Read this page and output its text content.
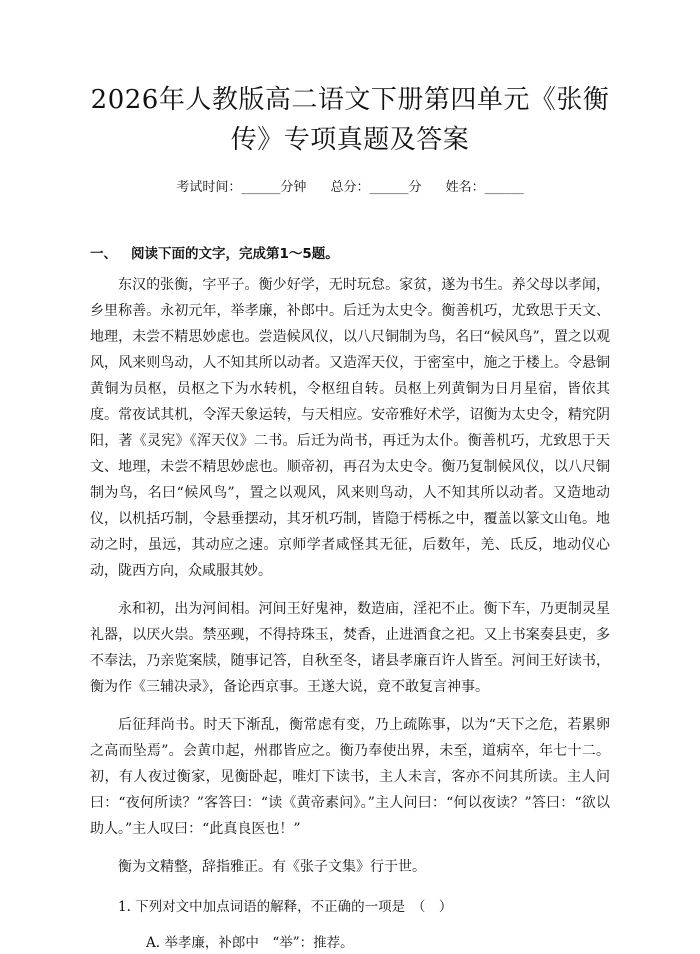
2026年人教版高二语文下册第四单元《张衡传》专项真题及答案
考试时间：______分钟 总分：______分 姓名：______
一、 阅读下面的文字，完成第1～5题。

东汉的张衡，字平子。衡少好学，无时玩怠。家贫，遂为书生。养父母以孝闻，乡里称善。永初元年，举孝廉，补郎中。后迁为太史令。衡善机巧，尤致思于天文、地理，未尝不精思妙虑也。尝造候风仪，以八尺铜制为鸟，名曰“候风鸟”，置之以观风，风来则鸟动，人不知其所以动者。又造浑天仪，于密室中，施之于楼上。令悬铜黄铜为员枢，员枢之下为水转机，令枢纽自转。员枢上列黄铜为日月星宿，皆依其度。常夜试其机，令浑天象运转，与天相应。安帝雅好术学，诏衡为太史令，精究阴阳，著《灵宪》《浑天仪》二书。后迁为尚书，再迁为太仆。衡善机巧，尤致思于天文、地理，未尝不精思妙虑也。顺帝初，再召为太史令。衡乃复制候风仪，以八尺铜制为鸟，名曰“候风鸟”，置之以观风，风来则鸟动，人不知其所以动者。又造地动仪，以机括巧制，令悬垂摆动，其牙机巧制，皆隐于樗栎之中，覆盖以篆文山龟。地动之时，虽远，其动应之速。京师学者咸怪其无征，后数年，羌、氐反，地动仪心动，陇西方向，众咸服其妙。

永和初，出为河间相。河间王好鬼神，数造庙，淫祀不止。衡下车，乃更制灵星礼器，以厌火祟。禁巫觋，不得持珠玉，焚香，止进酒食之祀。又上书案奏县吏，多不奉法，乃亲览案牍，随事记答，自秋至冬，诸县孝廉百许人皆至。河间王好读书，衡为作《三辅决录》，备论西京事。王遂大说，竟不敢复言神事。

后征拜尚书。时天下渐乱，衡常虑有变，乃上疏陈事，以为“天下之危，若累卵之高而坠焉”。会黄巾起，州郡皆应之。衡乃奉使出界，未至，道病卒，年七十二。初，有人夜过衡家，见衡卧起，唯灯下读书，主人未言，客亦不问其所读。主人问曰：“夜何所读？”客答曰：“读《黄帝素问》。”主人问曰：“何以夜读？”答曰：“欲以助人。”主人叹曰：“此真良医也！”

衡为文精整，辞指雅正。有《张子文集》行于世。

1. 下列对文中加点词语的解释，不正确的一项是　（　）
A. 举孝廉，补郎中　“举”：推荐。
